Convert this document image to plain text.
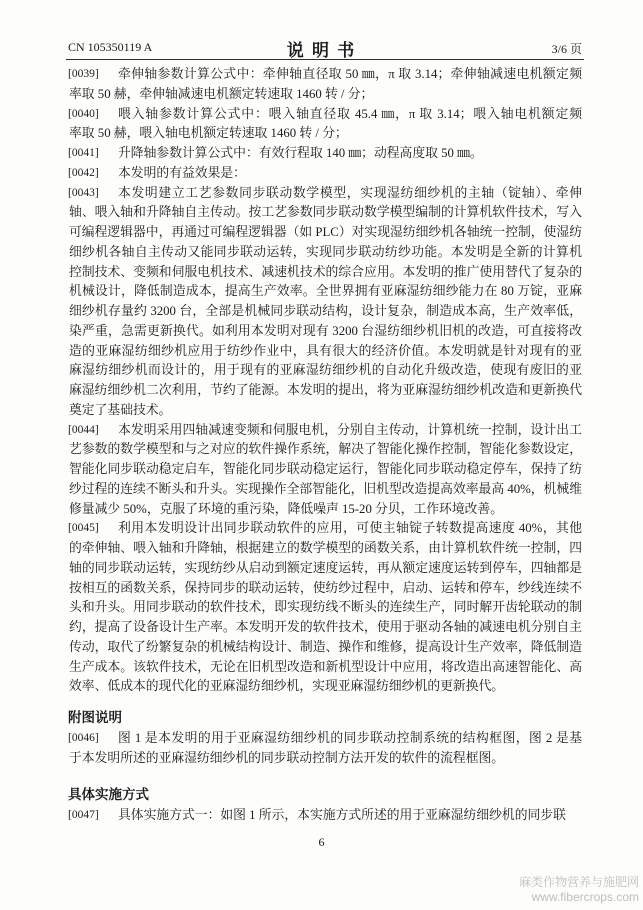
CN 105350119 A	说 明 书	3/6 页
[0039]	牵伸轴参数计算公式中：牵伸轴直径取 50 ㎜，π 取 3.14；牵伸轴减速电机额定频
率取 50 赫，牵伸轴减速电机额定转速取 1460 转 / 分；
[0040]	喂入轴参数计算公式中：喂入轴直径取 45.4 ㎜，π 取 3.14；喂入轴电机额定频
率取 50 赫，喂入轴电机额定转速取 1460 转 / 分；
[0041]	升降轴参数计算公式中：有效行程取 140 ㎜；动程高度取 50 ㎜。
[0042]	本发明的有益效果是：
[0043]	本发明建立工艺参数同步联动数学模型，实现湿纺细纱机的主轴（锭轴）、牵伸
轴、喂入轴和升降轴自主传动。按工艺参数同步联动数学模型编制的计算机软件技术，写入
可编程逻辑器中，再通过可编程逻辑器（如 PLC）对实现湿纺细纱机各轴统一控制，使湿纺
细纱机各轴自主传动又能同步联动运转，实现同步联动纺纱功能。本发明是全新的计算机
控制技术、变频和伺服电机技术、减速机技术的综合应用。本发明的推广使用替代了复杂的
机械设计，降低制造成本，提高生产效率。全世界拥有亚麻湿纺细纱能力在 80 万锭，亚麻
细纱机存量约 3200 台，全部是机械同步联动结构，设计复杂，制造成本高，生产效率低，
染严重，急需更新换代。如利用本发明对现有 3200 台湿纺细纱机旧机的改造，可直接将改
造的亚麻湿纺细纱机应用于纺纱作业中，具有很大的经济价值。本发明就是针对现有的亚
麻湿纺细纱机而设计的，用于现有的亚麻湿纺细纱机的自动化升级改造，使现有废旧的亚
麻湿纺细纱机二次利用，节约了能源。本发明的提出，将为亚麻湿纺细纱机改造和更新换代
奠定了基础技术。
[0044]	本发明采用四轴减速变频和伺服电机，分别自主传动，计算机统一控制，设计出工
艺参数的数学模型和与之对应的软件操作系统，解决了智能化操作控制，智能化参数设定，
智能化同步联动稳定启车，智能化同步联动稳定运行，智能化同步联动稳定停车，保持了纺
纱过程的连续不断头和升头。实现操作全部智能化，旧机型改造提高效率最高 40%，机械维
修量减少 50%，克服了环境的重污染，降低噪声 15-20 分贝，工作环境改善。
[0045]	利用本发明设计出同步联动软件的应用，可使主轴锭子转数提高速度 40%，其他
的牵伸轴、喂入轴和升降轴，根据建立的数学模型的函数关系，由计算机软件统一控制，四
轴的同步联动运转，实现纺纱从启动到额定速度运转，再从额定速度运转到停车，四轴都是
按相互的函数关系，保持同步的联动运转，使纺纱过程中，启动、运转和停车，纱线连续不
头和升头。用同步联动的软件技术，即实现纺线不断头的连续生产，同时解开齿轮联动的制
约，提高了设备设计生产率。本发明开发的软件技术，使用于驱动各轴的减速电机分别自主
传动，取代了纷繁复杂的机械结构设计、制造、操作和维修，提高设计生产效率，降低制造
生产成本。该软件技术，无论在旧机型改造和新机型设计中应用，将改造出高速智能化、高
效率、低成本的现代化的亚麻湿纺细纱机，实现亚麻湿纺细纱机的更新换代。
附图说明
[0046]	图 1 是本发明的用于亚麻湿纺细纱机的同步联动控制系统的结构框图，图 2 是基
于本发明所述的亚麻湿纺细纱机的同步联动控制方法开发的软件的流程框图。
具体实施方式
[0047]	具体实施方式一：如图 1 所示，本实施方式所述的用于亚麻湿纺细纱机的同步联
6
麻类作物营养与施肥网
www.fibercrops.com
